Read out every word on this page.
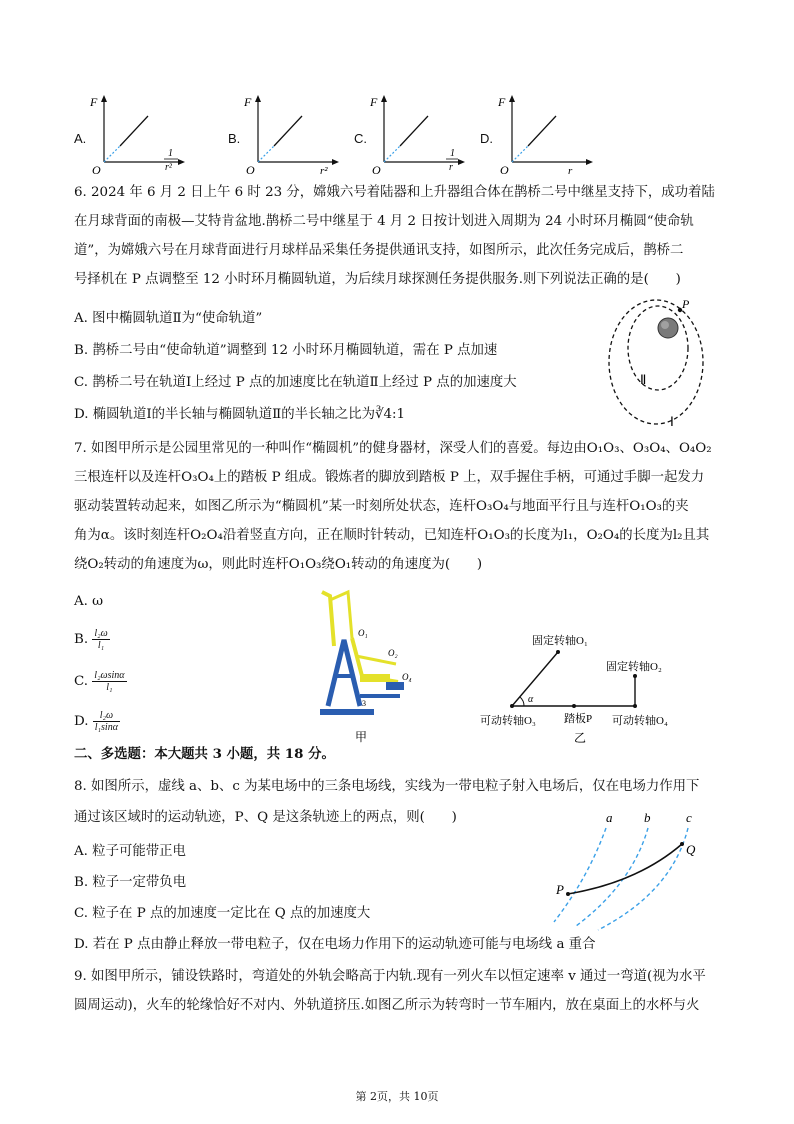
A.
F
O
1
r²
B.
F
O	r²
C.
F
O
1
r
D.
F
O	r
6. 2024 年 6 月 2 日上午 6 时 23 分，嫦娥六号着陆器和上升器组合体在鹊桥二号中继星支持下，成功着陆
在月球背面的南极—艾特肯盆地.鹊桥二号中继星于 4 月 2 日按计划进入周期为 24 小时环月椭圆“使命轨
道”，为嫦娥六号在月球背面进行月球样品采集任务提供通讯支持，如图所示，此次任务完成后，鹊桥二
号择机在 P 点调整至 12 小时环月椭圆轨道，为后续月球探测任务提供服务.则下列说法正确的是(　　)
A. 图中椭圆轨道Ⅱ为“使命轨道”
B. 鹊桥二号由“使命轨道”调整到 12 小时环月椭圆轨道，需在 P 点加速
C. 鹊桥二号在轨道Ⅰ上经过 P 点的加速度比在轨道Ⅱ上经过 P 点的加速度大
D. 椭圆轨道Ⅰ的半长轴与椭圆轨道Ⅱ的半长轴之比为∛4:1
P
Ⅱ
Ⅰ
7. 如图甲所示是公园里常见的一种叫作“椭圆机”的健身器材，深受人们的喜爱。每边由O₁O₃、O₃O₄、O₄O₂
三根连杆以及连杆O₃O₄上的踏板 P 组成。锻炼者的脚放到踏板 P 上，双手握住手柄，可通过手脚一起发力
驱动装置转动起来，如图乙所示为“椭圆机”某一时刻所处状态，连杆O₃O₄与地面平行且与连杆O₁O₃的夹
角为α。该时刻连杆O₂O₄沿着竖直方向，正在顺时针转动，已知连杆O₁O₃的长度为l₁，O₂O₄的长度为l₂且其
绕O₂转动的角速度为ω，则此时连杆O₁O₃绕O₁转动的角速度为(　　)
A. ω
B. $\frac{\text{l₂ω}}{\text{l₁}}$
C. $\frac{\text{l₂ωsinα}}{\text{l₁}}$
D. $\frac{\text{l₂ω}}{\text{l₁sinα}}$
O₁
O₂
O₄
3
甲
α
固定转轴O₁
固定转轴O₂
可动转轴O₃	踏板P 可动转轴O₄
乙
二、多选题：本大题共 3 小题，共 18 分。
8. 如图所示，虚线 a、b、c 为某电场中的三条电场线，实线为一带电粒子射入电场后，仅在电场力作用下
通过该区域时的运动轨迹，P、Q 是这条轨迹上的两点，则(　　)
A. 粒子可能带正电
B. 粒子一定带负电
C. 粒子在 P 点的加速度一定比在 Q 点的加速度大
D. 若在 P 点由静止释放一带电粒子，仅在电场力作用下的运动轨迹可能与电场线 a 重合
a b	c
P
Q
9. 如图甲所示，铺设铁路时，弯道处的外轨会略高于内轨.现有一列火车以恒定速率 v 通过一弯道(视为水平
圆周运动)，火车的轮缘恰好不对内、外轨道挤压.如图乙所示为转弯时一节车厢内，放在桌面上的水杯与火
第 2页，共 10页
